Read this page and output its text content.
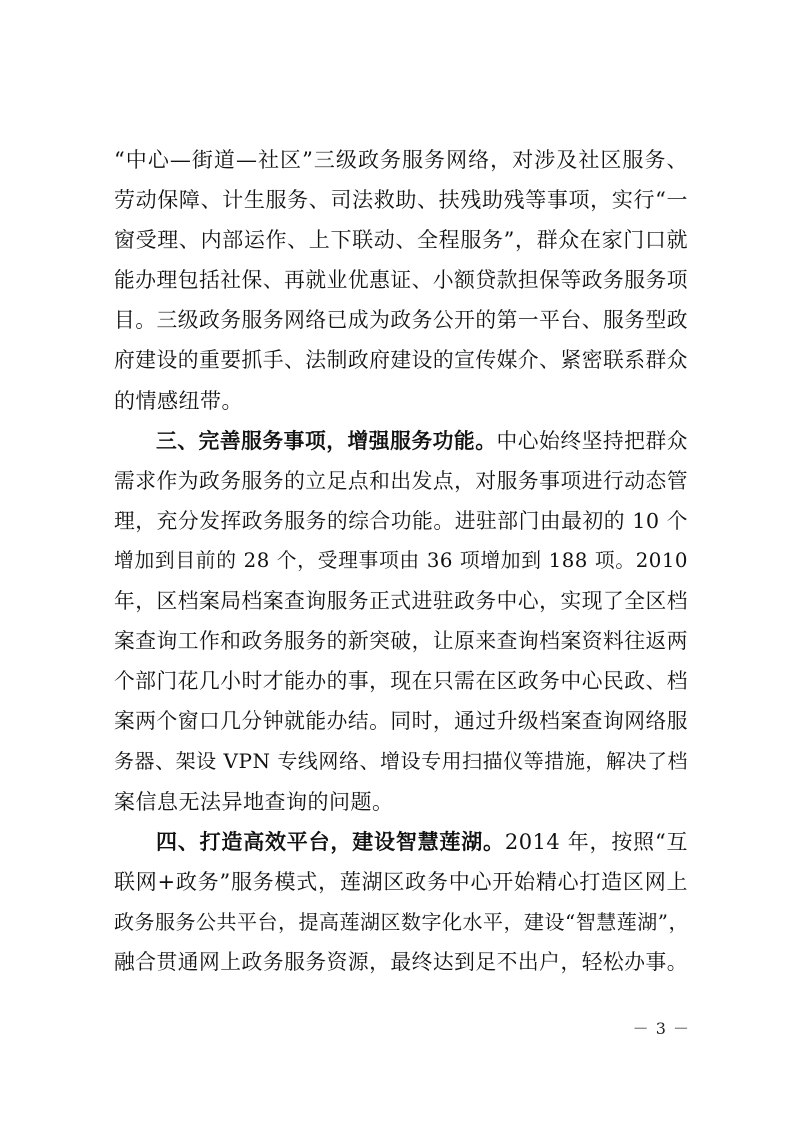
“中心—街道—社区”三级政务服务网络，对涉及社区服务、
劳动保障、计生服务、司法救助、扶残助残等事项，实行“一
窗受理、内部运作、上下联动、全程服务”，群众在家门口就
能办理包括社保、再就业优惠证、小额贷款担保等政务服务项
目。三级政务服务网络已成为政务公开的第一平台、服务型政
府建设的重要抓手、法制政府建设的宣传媒介、紧密联系群众
的情感纽带。
三、完善服务事项，增强服务功能。中心始终坚持把群众
需求作为政务服务的立足点和出发点，对服务事项进行动态管
理，充分发挥政务服务的综合功能。进驻部门由最初的 10 个
增加到目前的 28 个，受理事项由 36 项增加到 188 项。2010
年，区档案局档案查询服务正式进驻政务中心，实现了全区档
案查询工作和政务服务的新突破，让原来查询档案资料往返两
个部门花几小时才能办的事，现在只需在区政务中心民政、档
案两个窗口几分钟就能办结。同时，通过升级档案查询网络服
务器、架设 VPN 专线网络、增设专用扫描仪等措施，解决了档
案信息无法异地查询的问题。
四、打造高效平台，建设智慧莲湖。2014 年，按照“互
联网+政务”服务模式，莲湖区政务中心开始精心打造区网上
政务服务公共平台，提高莲湖区数字化水平，建设“智慧莲湖”，
融合贯通网上政务服务资源，最终达到足不出户，轻松办事。
－ 3 －
